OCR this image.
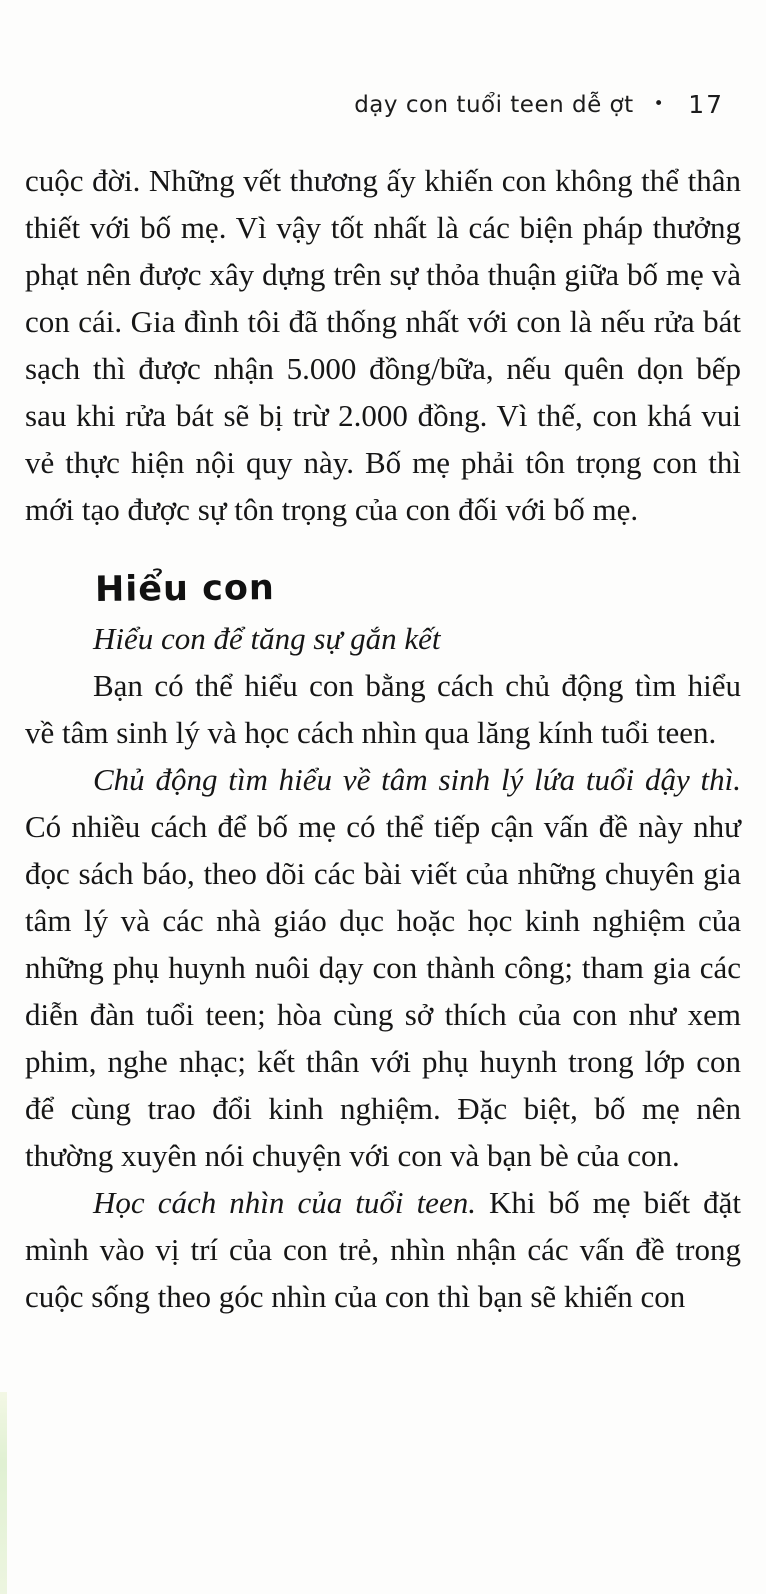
dạy con tuổi teen dễ ợt • 17

cuộc đời. Những vết thương ấy khiến con không thể thân thiết với bố mẹ. Vì vậy tốt nhất là các biện pháp thưởng phạt nên được xây dựng trên sự thỏa thuận giữa bố mẹ và con cái. Gia đình tôi đã thống nhất với con là nếu rửa bát sạch thì được nhận 5.000 đồng/bữa, nếu quên dọn bếp sau khi rửa bát sẽ bị trừ 2.000 đồng. Vì thế, con khá vui vẻ thực hiện nội quy này. Bố mẹ phải tôn trọng con thì mới tạo được sự tôn trọng của con đối với bố mẹ.

Hiểu con

Hiểu con để tăng sự gắn kết

Bạn có thể hiểu con bằng cách chủ động tìm hiểu về tâm sinh lý và học cách nhìn qua lăng kính tuổi teen.

Chủ động tìm hiểu về tâm sinh lý lứa tuổi dậy thì. Có nhiều cách để bố mẹ có thể tiếp cận vấn đề này như đọc sách báo, theo dõi các bài viết của những chuyên gia tâm lý và các nhà giáo dục hoặc học kinh nghiệm của những phụ huynh nuôi dạy con thành công; tham gia các diễn đàn tuổi teen; hòa cùng sở thích của con như xem phim, nghe nhạc; kết thân với phụ huynh trong lớp con để cùng trao đổi kinh nghiệm. Đặc biệt, bố mẹ nên thường xuyên nói chuyện với con và bạn bè của con.

Học cách nhìn của tuổi teen. Khi bố mẹ biết đặt mình vào vị trí của con trẻ, nhìn nhận các vấn đề trong cuộc sống theo góc nhìn của con thì bạn sẽ khiến con
